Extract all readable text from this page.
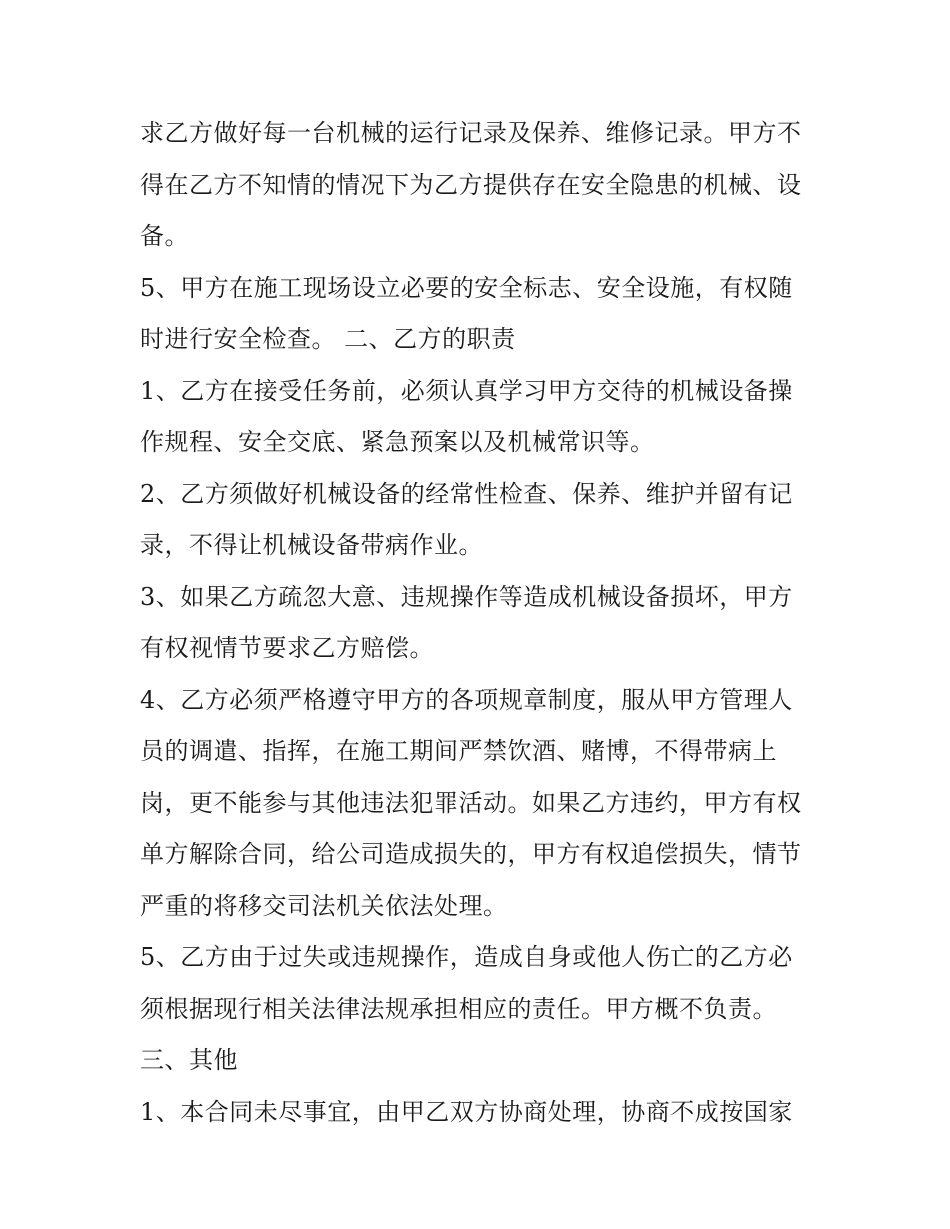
求乙方做好每一台机械的运行记录及保养、维修记录。甲方不
得在乙方不知情的情况下为乙方提供存在安全隐患的机械、设
备。
5、甲方在施工现场设立必要的安全标志、安全设施，有权随
时进行安全检查。 二、乙方的职责
1、乙方在接受任务前，必须认真学习甲方交待的机械设备操
作规程、安全交底、紧急预案以及机械常识等。
2、乙方须做好机械设备的经常性检查、保养、维护并留有记
录，不得让机械设备带病作业。
3、如果乙方疏忽大意、违规操作等造成机械设备损坏，甲方
有权视情节要求乙方赔偿。
4、乙方必须严格遵守甲方的各项规章制度，服从甲方管理人
员的调遣、指挥，在施工期间严禁饮酒、赌博，不得带病上
岗，更不能参与其他违法犯罪活动。如果乙方违约，甲方有权
单方解除合同，给公司造成损失的，甲方有权追偿损失，情节
严重的将移交司法机关依法处理。
5、乙方由于过失或违规操作，造成自身或他人伤亡的乙方必
须根据现行相关法律法规承担相应的责任。甲方概不负责。
三、其他
1、本合同未尽事宜，由甲乙双方协商处理，协商不成按国家
